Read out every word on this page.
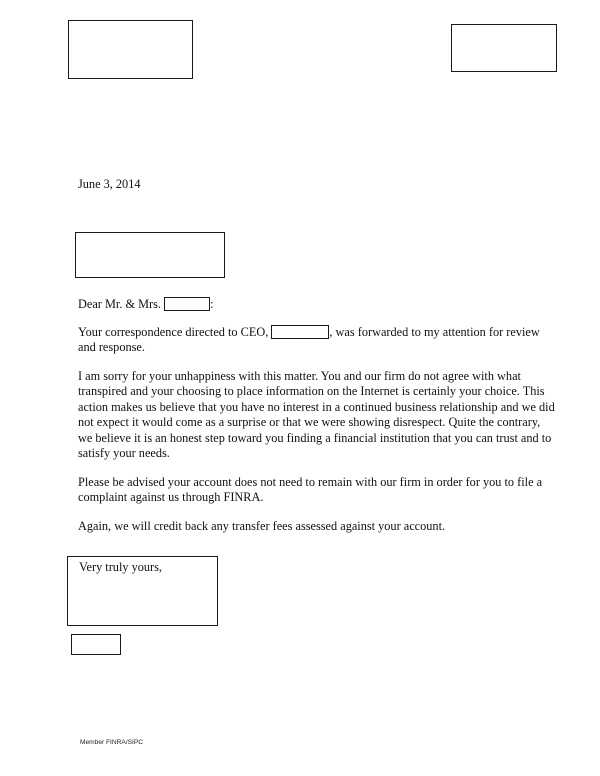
June 3, 2014
Dear Mr. & Mrs.	:
Your correspondence directed to CEO,	, was forwarded to my attention for review
and response.
I am sorry for your unhappiness with this matter. You and our firm do not agree with what
transpired and your choosing to place information on the Internet is certainly your choice. This
action makes us believe that you have no interest in a continued business relationship and we did
not expect it would come as a surprise or that we were showing disrespect. Quite the contrary,
we believe it is an honest step toward you finding a financial institution that you can trust and to
satisfy your needs.
Please be advised your account does not need to remain with our firm in order for you to file a
complaint against us through FINRA.
Again, we will credit back any transfer fees assessed against your account.
Very truly yours,
Member FINRA/SIPC
